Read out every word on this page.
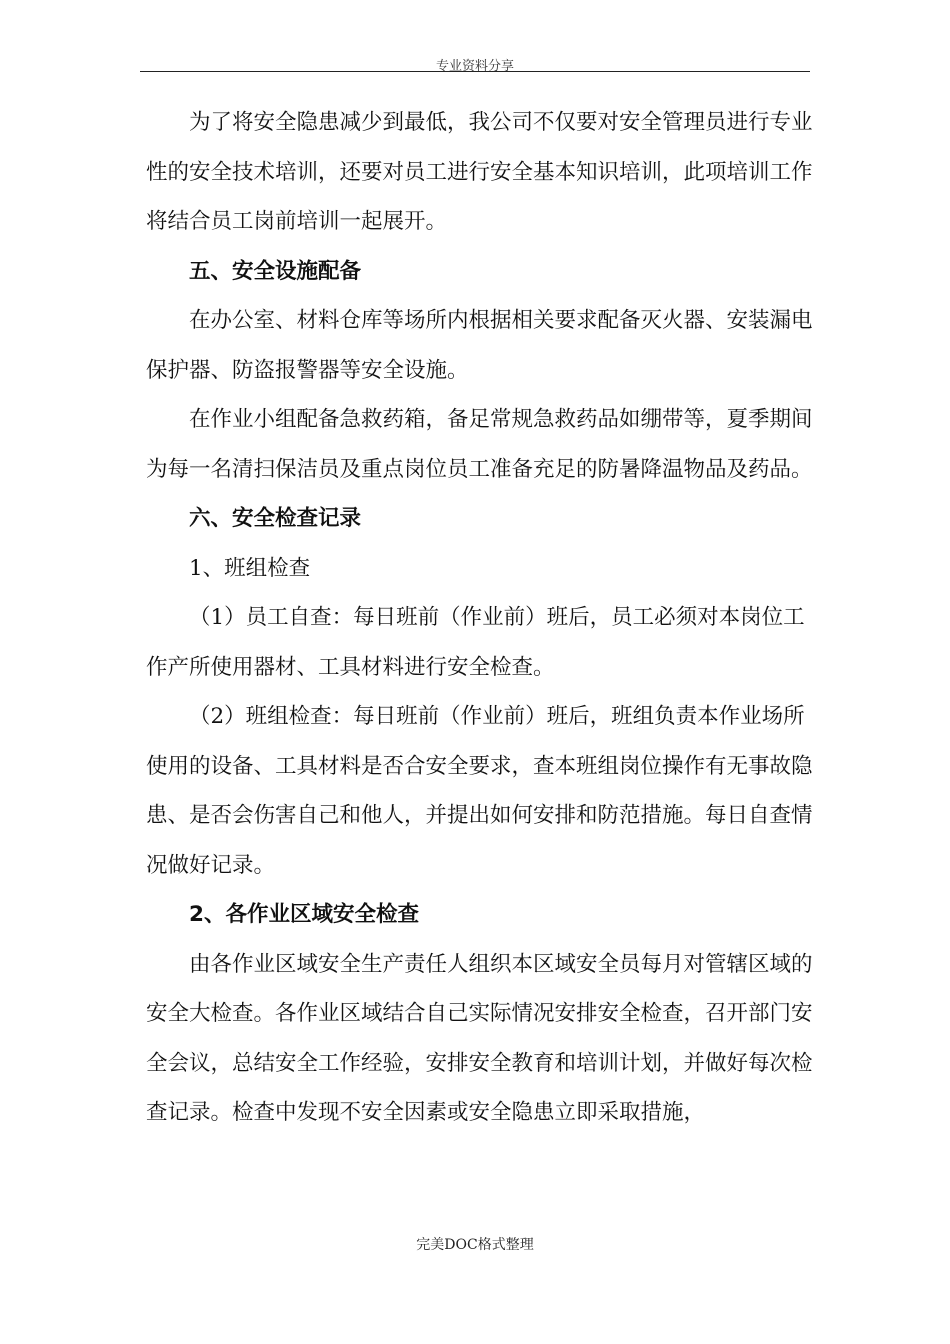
专业资料分享

为了将安全隐患减少到最低，我公司不仅要对安全管理员进行专业性的安全技术培训，还要对员工进行安全基本知识培训，此项培训工作将结合员工岗前培训一起展开。

五、安全设施配备

在办公室、材料仓库等场所内根据相关要求配备灭火器、安装漏电保护器、防盗报警器等安全设施。

在作业小组配备急救药箱，备足常规急救药品如绷带等，夏季期间为每一名清扫保洁员及重点岗位员工准备充足的防暑降温物品及药品。

六、安全检查记录

1、班组检查

（1）员工自查：每日班前（作业前）班后，员工必须对本岗位工作产所使用器材、工具材料进行安全检查。

（2）班组检查：每日班前（作业前）班后，班组负责本作业场所使用的设备、工具材料是否合安全要求，查本班组岗位操作有无事故隐患、是否会伤害自己和他人，并提出如何安排和防范措施。每日自查情况做好记录。

2、各作业区域安全检查

由各作业区域安全生产责任人组织本区域安全员每月对管辖区域的安全大检查。各作业区域结合自己实际情况安排安全检查，召开部门安全会议，总结安全工作经验，安排安全教育和培训计划，并做好每次检查记录。检查中发现不安全因素或安全隐患立即采取措施，

完美DOC格式整理
